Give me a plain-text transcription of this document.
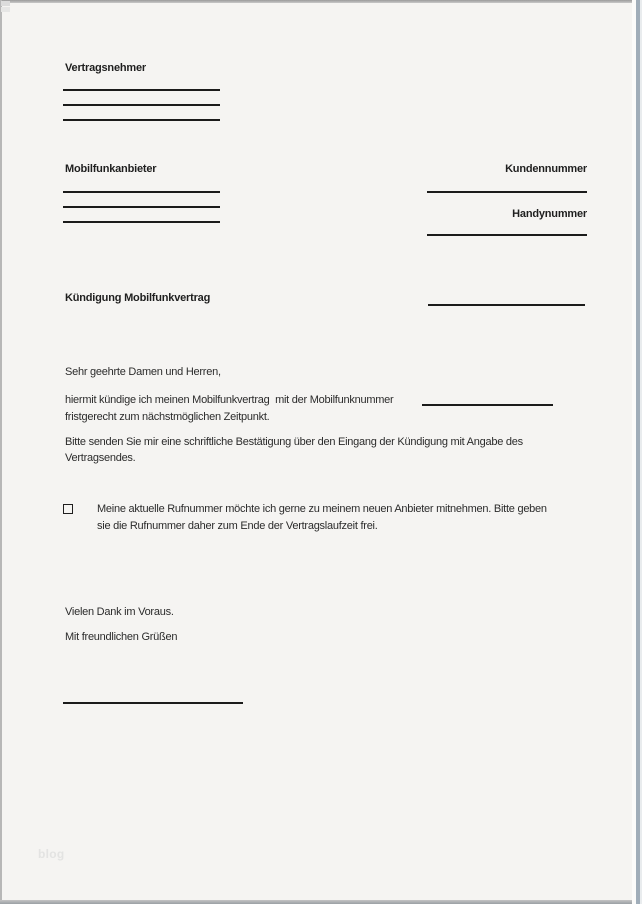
Vertragsnehmer
Mobilfunkanbieter	Kundennummer
Handynummer
Kündigung Mobilfunkvertrag
Sehr geehrte Damen und Herren,
hiermit kündige ich meinen Mobilfunkvertrag  mit der Mobilfunknummer
fristgerecht zum nächstmöglichen Zeitpunkt.
Bitte senden Sie mir eine schriftliche Bestätigung über den Eingang der Kündigung mit Angabe des
Vertragsendes.
Meine aktuelle Rufnummer möchte ich gerne zu meinem neuen Anbieter mitnehmen. Bitte geben
sie die Rufnummer daher zum Ende der Vertragslaufzeit frei.
Vielen Dank im Voraus.
Mit freundlichen Grüßen
blog
